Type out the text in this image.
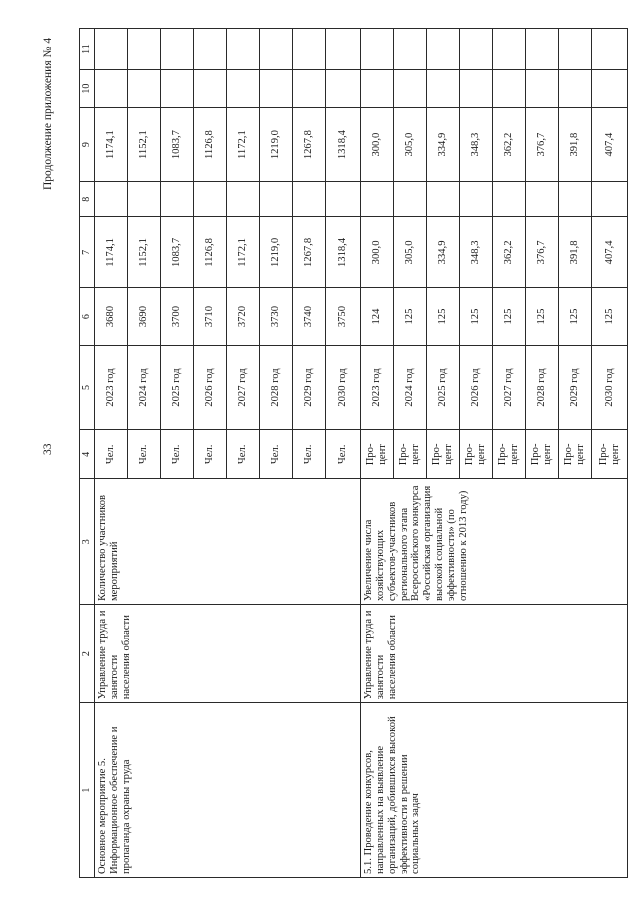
33
Продолжение приложения № 4
1	2	3	4	5	6	7	8	9	10	11
Основное мероприятие 5. Информационное обеспечение и пропаганда охраны труда	Управление труда и занятости населения области	Количество участников мероприятий	Чел.	2023 год	3680	1174,1		1174,1		
			Чел.	2024 год	3690	1152,1		1152,1		
			Чел.	2025 год	3700	1083,7		1083,7		
			Чел.	2026 год	3710	1126,8		1126,8		
			Чел.	2027 год	3720	1172,1		1172,1		
			Чел.	2028 год	3730	1219,0		1219,0		
			Чел.	2029 год	3740	1267,8		1267,8		
			Чел.	2030 год	3750	1318,4		1318,4		
5.1. Проведение конкурсов, направленных на выявление организаций, добившихся высокой эффективности в решении социальных задач	Управление труда и занятости населения области	Увеличение числа хозяйствующих субъектов-участников регионального этапа Всероссийского конкурса «Российская организация высокой социальной эффективности» (по отношению к 2013 году)	Про-цент	2023 год	124	300,0		300,0		
			Про-цент	2024 год	125	305,0		305,0		
			Про-цент	2025 год	125	334,9		334,9		
			Про-цент	2026 год	125	348,3		348,3		
			Про-цент	2027 год	125	362,2		362,2		
			Про-цент	2028 год	125	376,7		376,7		
			Про-цент	2029 год	125	391,8		391,8		
			Про-цент	2030 год	125	407,4		407,4		
